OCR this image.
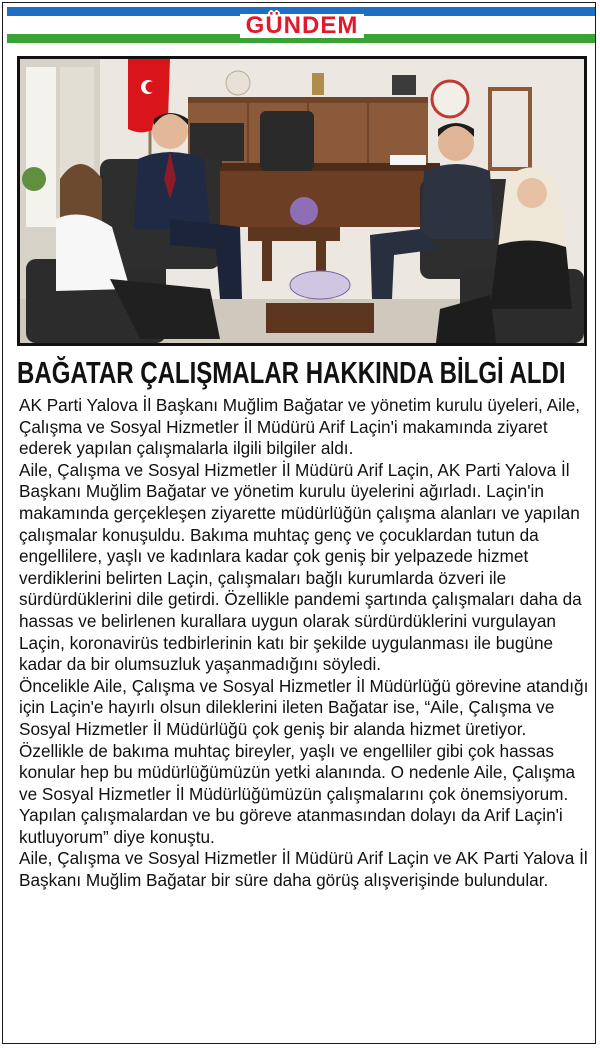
GÜNDEM
BAĞATAR ÇALIŞMALAR HAKKINDA BİLGİ ALDI

AK Parti Yalova İl Başkanı Muğlim Bağatar ve yönetim kurulu üyeleri, Aile, Çalışma ve Sosyal Hizmetler İl Müdürü Arif Laçin'i makamında ziyaret ederek yapılan çalışmalarla ilgili bilgiler aldı.

Aile, Çalışma ve Sosyal Hizmetler İl Müdürü Arif Laçin, AK Parti Yalova İl Başkanı Muğlim Bağatar ve yönetim kurulu üyelerini ağırladı. Laçin'in makamında gerçekleşen ziyarette müdürlüğün çalışma alanları ve yapılan çalışmalar konuşuldu. Bakıma muhtaç genç ve çocuklardan tutun da engellilere, yaşlı ve kadınlara kadar çok geniş bir yelpazede hizmet verdiklerini belirten Laçin, çalışmaları bağlı kurumlarda özveri ile sürdürdüklerini dile getirdi. Özellikle pandemi şartında çalışmaları daha da hassas ve belirlenen kurallara uygun olarak sürdürdüklerini vurgulayan Laçin, koronavirüs tedbirlerinin katı bir şekilde uygulanması ile bugüne kadar da bir olumsuzluk yaşanmadığını söyledi.

Öncelikle Aile, Çalışma ve Sosyal Hizmetler İl Müdürlüğü görevine atandığı için Laçin'e hayırlı olsun dileklerini ileten Bağatar ise, “Aile, Çalışma ve Sosyal Hizmetler İl Müdürlüğü çok geniş bir alanda hizmet üretiyor. Özellikle de bakıma muhtaç bireyler, yaşlı ve engelliler gibi çok hassas konular hep bu müdürlüğümüzün yetki alanında. O nedenle Aile, Çalışma ve Sosyal Hizmetler İl Müdürlüğümüzün çalışmalarını çok önemsiyorum. Yapılan çalışmalardan ve bu göreve atanmasından dolayı da Arif Laçin'i kutluyorum” diye konuştu.

Aile, Çalışma ve Sosyal Hizmetler İl Müdürü Arif Laçin ve AK Parti Yalova İl Başkanı Muğlim Bağatar bir süre daha görüş alışverişinde bulundular.
